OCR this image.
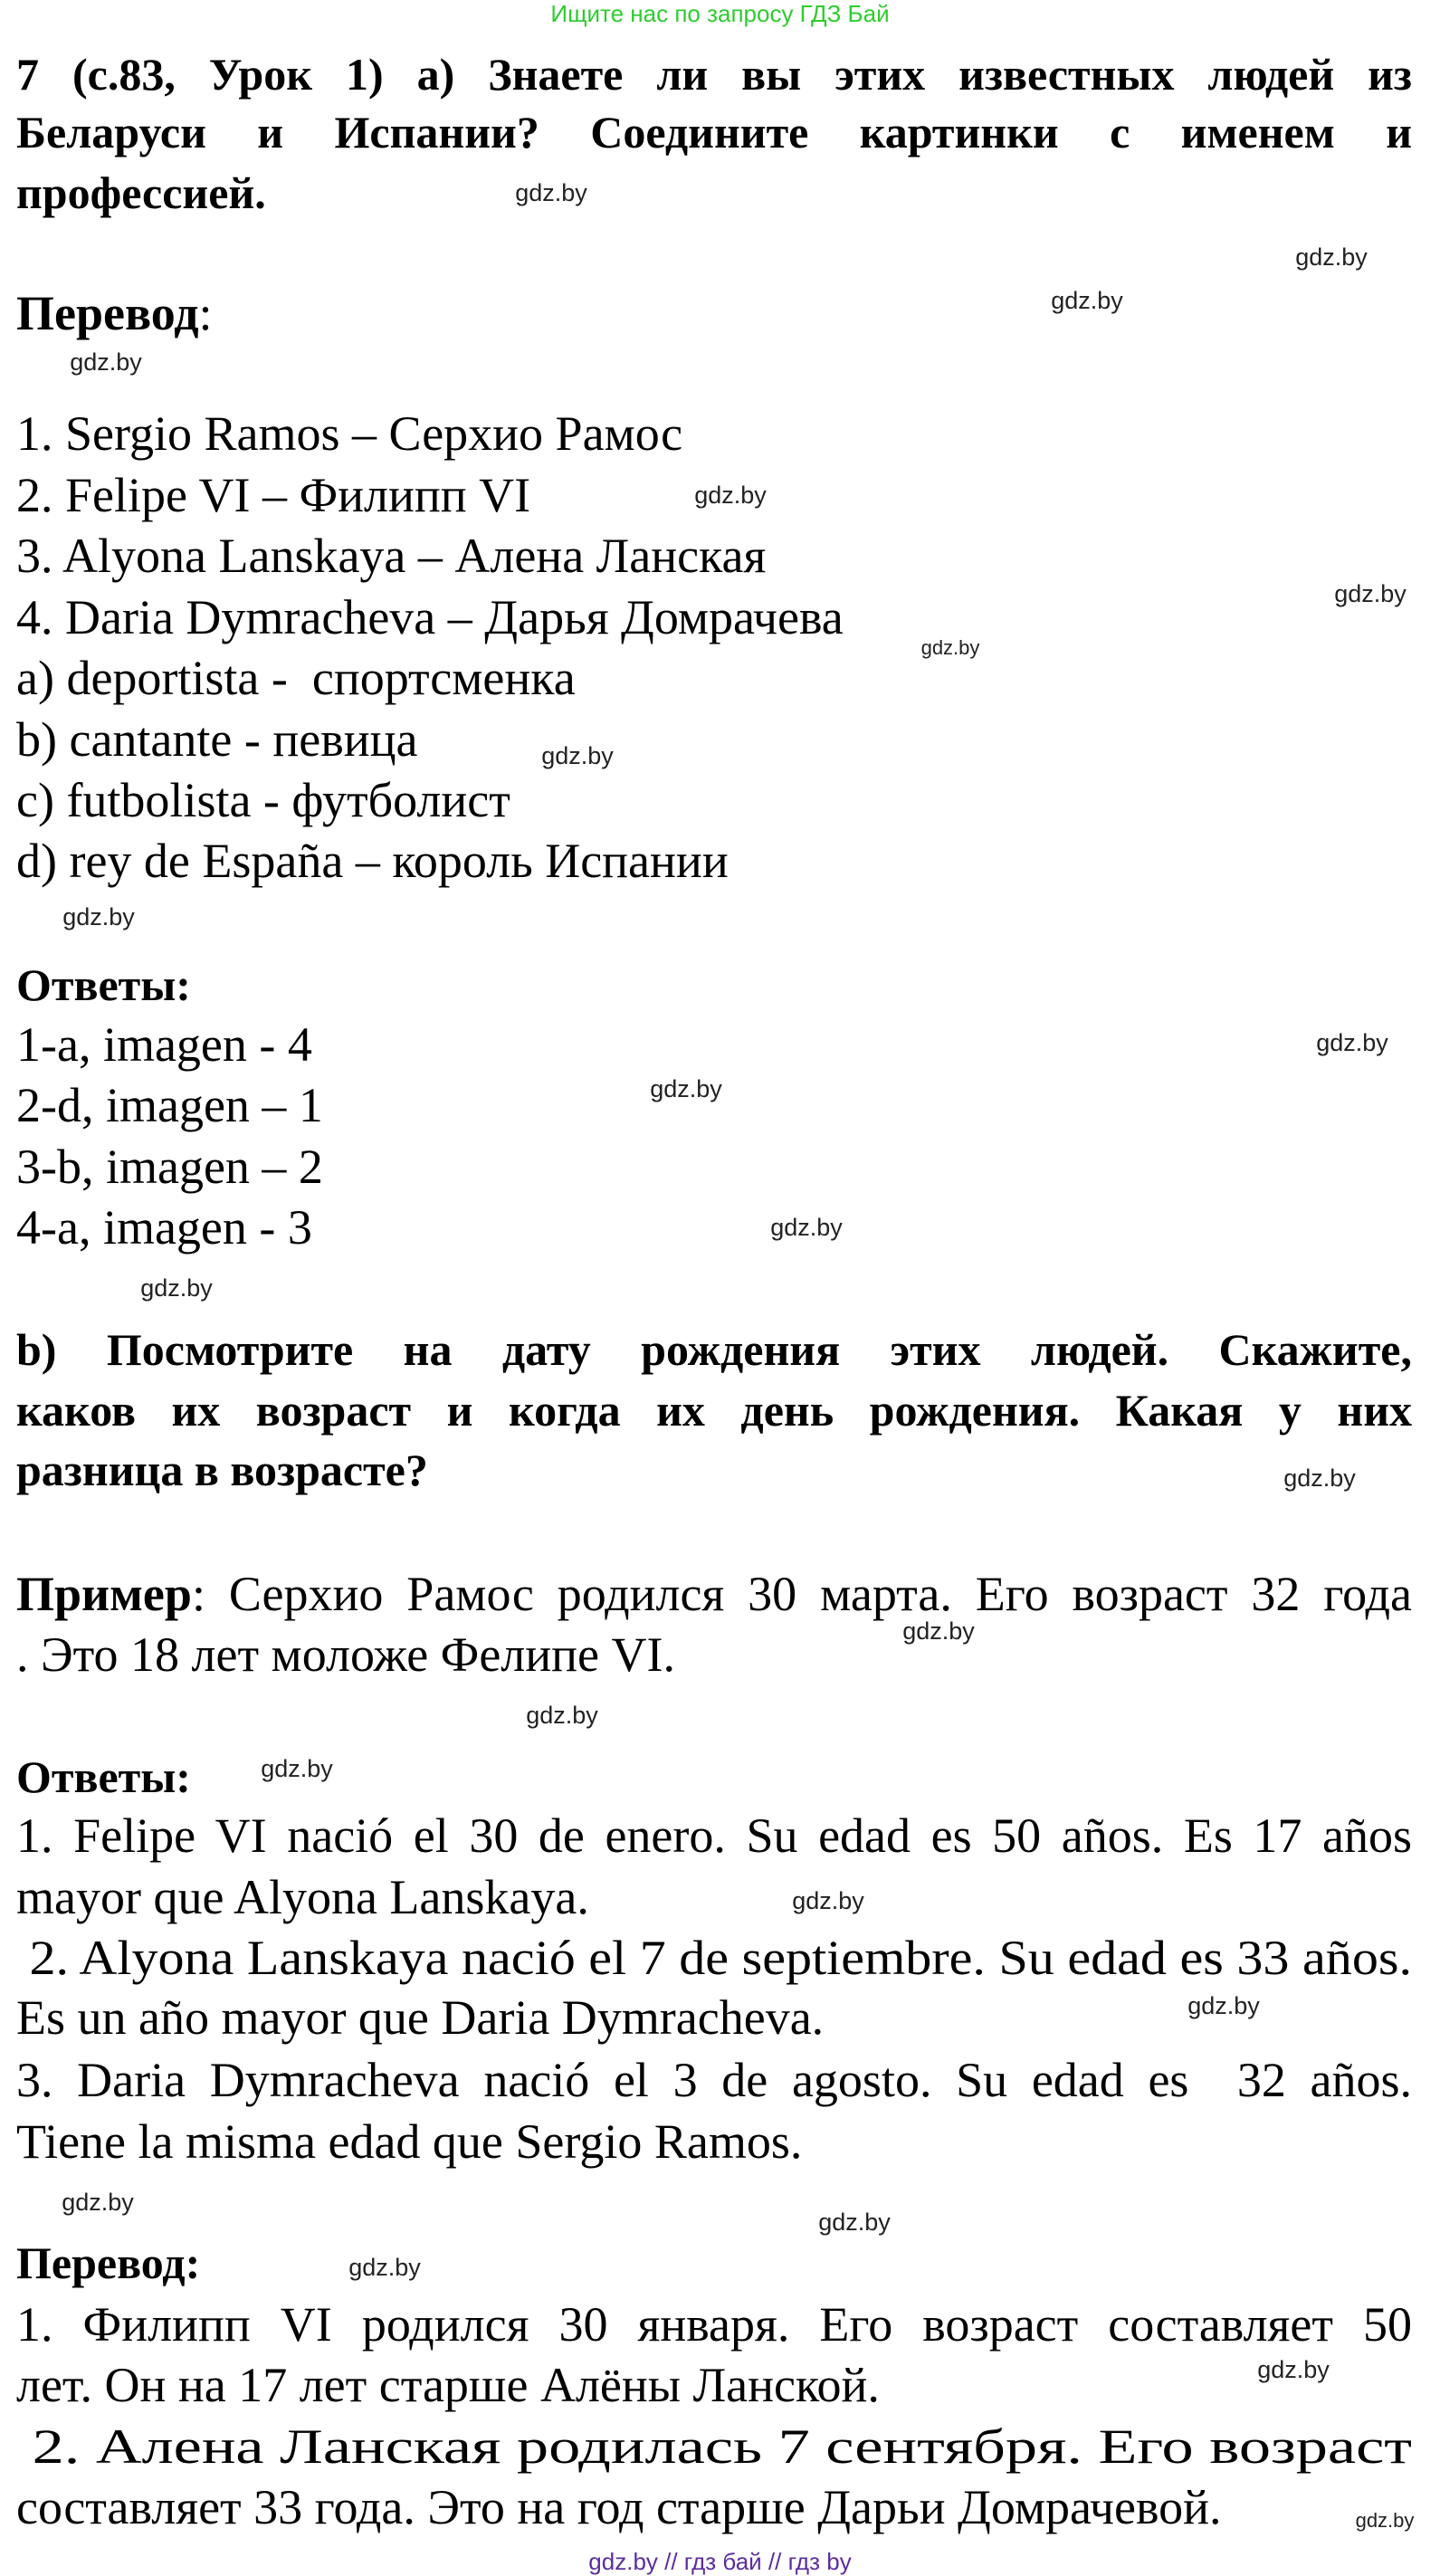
Ищите нас по запросу ГДЗ Бай
7 (с.83, Урок 1) a) Знаете ли вы этих известных людей из
Беларуси и Испании? Соедините картинки с именем и
профессией.
Перевод:
1. Sergio Ramos – Серхио Рамос
2. Felipe VI – Филипп VI
3. Alyona Lanskaya – Алена Ланская
4. Daria Dymracheva – Дарья Домрачева
a) deportista -  спортсменка
b) cantante - певица
c) futbolista - футболист
d) rey de España – король Испании
Ответы:
1-a, imagen - 4
2-d, imagen – 1
3-b, imagen – 2
4-a, imagen - 3
b) Посмотрите на дату рождения этих людей. Скажите,
каков их возраст и когда их день рождения. Какая у них
разница в возрасте?
Пример: Серхио Рамос родился 30 марта. Его возраст 32 года
. Это 18 лет моложе Фелипе VI.
Ответы:
1. Felipe VI nació el 30 de enero. Su edad es 50 años. Es 17 años
mayor que Alyona Lanskaya.
2. Alyona Lanskaya nació el 7 de septiembre. Su edad es 33 años.
Es un año mayor que Daria Dymracheva.
3. Daria Dymracheva nació el 3 de agosto. Su edad es  32 años.
Tiene la misma edad que Sergio Ramos.
Перевод:
1. Филипп VI родился 30 января. Его возраст составляет 50
лет. Он на 17 лет старше Алёны Ланской.
2. Алена Ланская родилась 7 сентября. Его возраст
составляет 33 года. Это на год старше Дарьи Домрачевой.
gdz.by
gdz.by
gdz.by
gdz.by
gdz.by
gdz.by
gdz.by
gdz.by
gdz.by
gdz.by
gdz.by
gdz.by
gdz.by
gdz.by
gdz.by
gdz.by
gdz.by
gdz.by
gdz.by
gdz.by
gdz.by
gdz.by
gdz.by
gdz.by
gdz.by // гдз бай // гдз by
